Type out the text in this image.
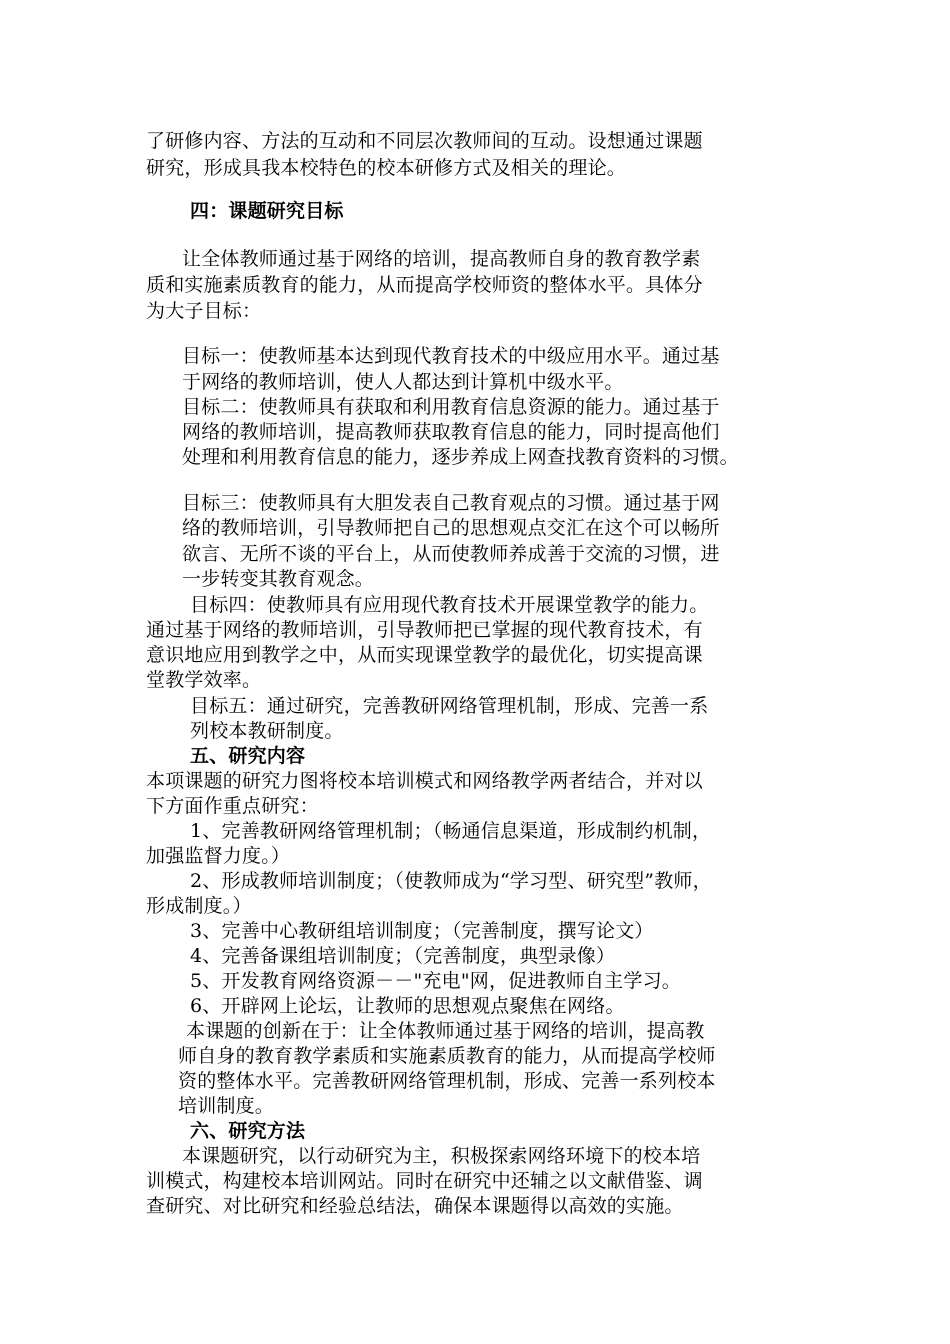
了研修内容、方法的互动和不同层次教师间的互动。设想通过课题
研究，形成具我本校特色的校本研修方式及相关的理论。
四：课题研究目标
让全体教师通过基于网络的培训，提高教师自身的教育教学素
质和实施素质教育的能力，从而提高学校师资的整体水平。具体分
为大子目标：
目标一：使教师基本达到现代教育技术的中级应用水平。通过基
于网络的教师培训，使人人都达到计算机中级水平。
目标二：使教师具有获取和利用教育信息资源的能力。通过基于
网络的教师培训，提高教师获取教育信息的能力，同时提高他们
处理和利用教育信息的能力，逐步养成上网查找教育资料的习惯。
目标三：使教师具有大胆发表自己教育观点的习惯。通过基于网
络的教师培训，引导教师把自己的思想观点交汇在这个可以畅所
欲言、无所不谈的平台上，从而使教师养成善于交流的习惯，进
一步转变其教育观念。
目标四：使教师具有应用现代教育技术开展课堂教学的能力。
通过基于网络的教师培训，引导教师把已掌握的现代教育技术，有
意识地应用到教学之中，从而实现课堂教学的最优化，切实提高课
堂教学效率。
目标五：通过研究，完善教研网络管理机制，形成、完善一系
列校本教研制度。
五、研究内容
本项课题的研究力图将校本培训模式和网络教学两者结合，并对以
下方面作重点研究：
1、完善教研网络管理机制；（畅通信息渠道，形成制约机制，
加强监督力度。）
2、形成教师培训制度；（使教师成为“学习型、研究型”教师，
形成制度。）
3、完善中心教研组培训制度；（完善制度，撰写论文）
4、完善备课组培训制度；（完善制度，典型录像）
5、开发教育网络资源－－"充电"网，促进教师自主学习。
6、开辟网上论坛，让教师的思想观点聚焦在网络。
本课题的创新在于：让全体教师通过基于网络的培训，提高教
师自身的教育教学素质和实施素质教育的能力，从而提高学校师
资的整体水平。完善教研网络管理机制，形成、完善一系列校本
培训制度。
六、研究方法
本课题研究，以行动研究为主，积极探索网络环境下的校本培
训模式，构建校本培训网站。同时在研究中还辅之以文献借鉴、调
查研究、对比研究和经验总结法，确保本课题得以高效的实施。
